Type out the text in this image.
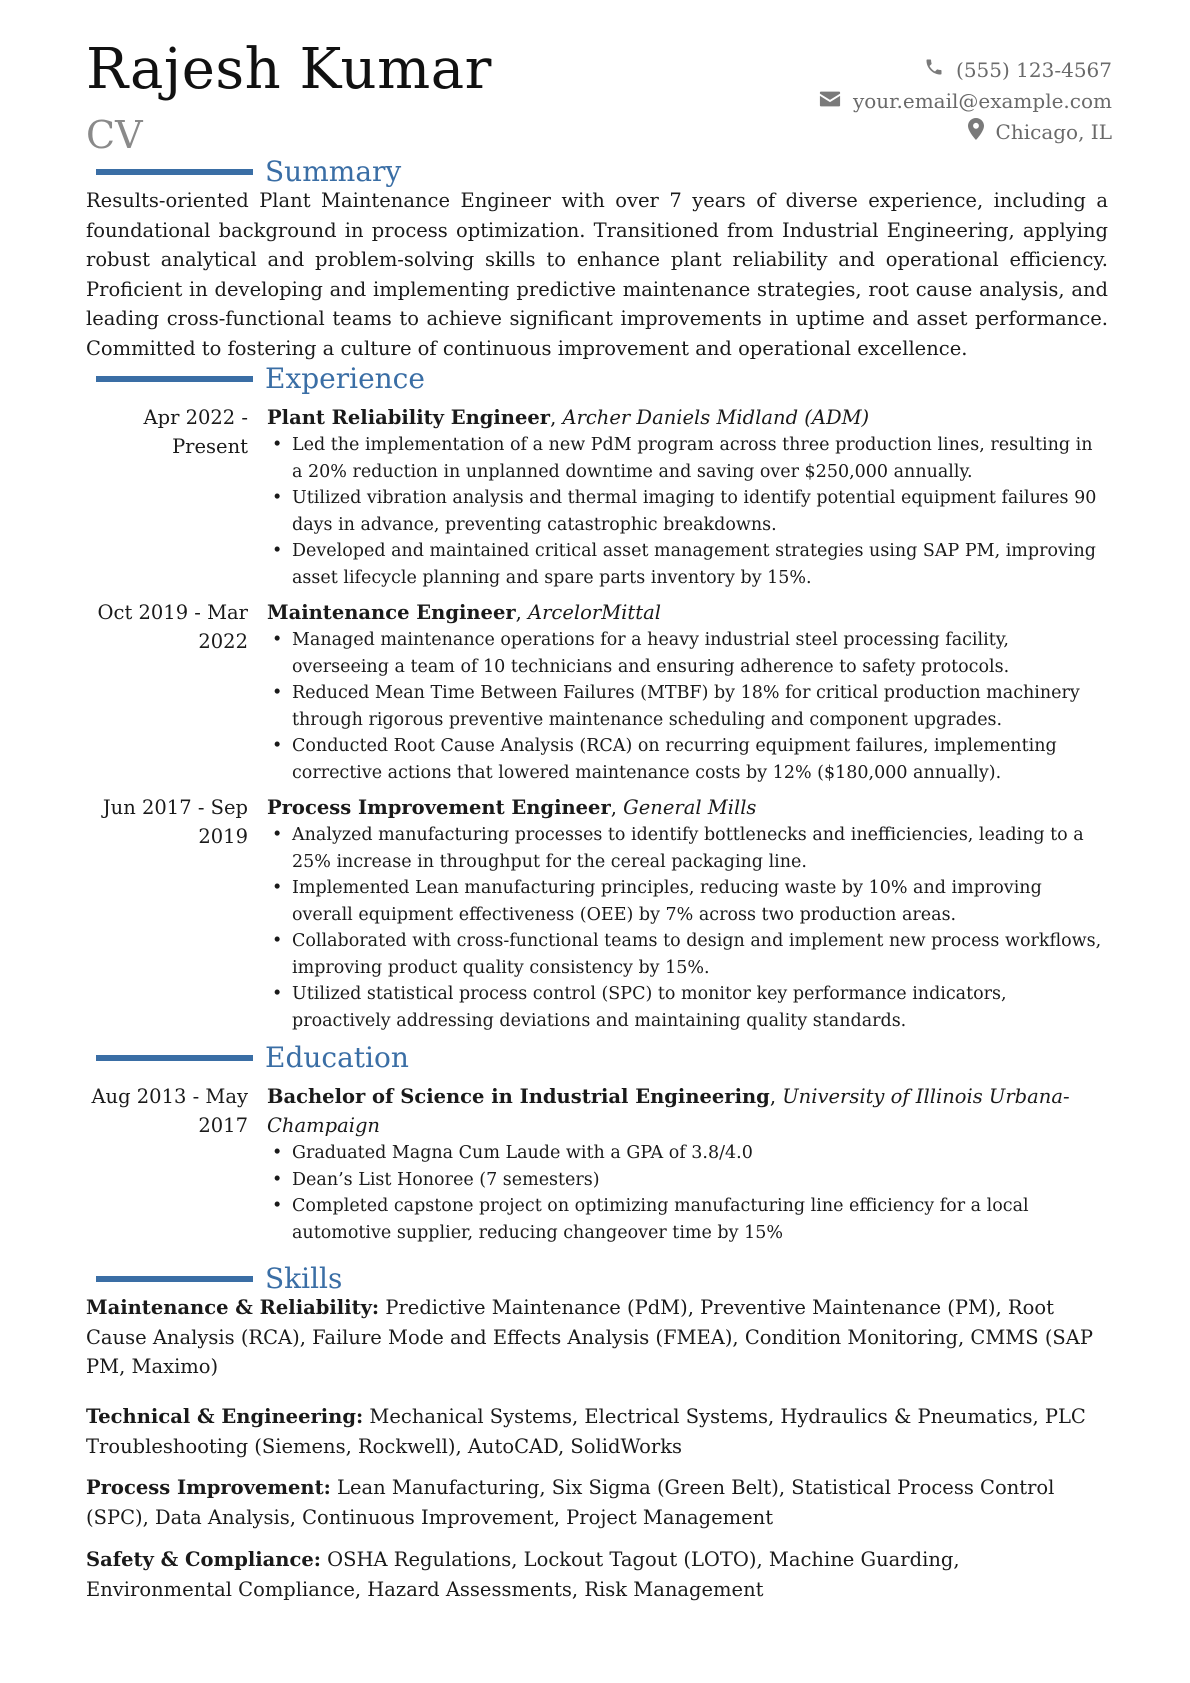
Rajesh Kumar
CV
(555) 123-4567
your.email@example.com
Chicago, IL
Summary
Results-oriented Plant Maintenance Engineer with over 7 years of diverse experience, including a foundational background in process optimization. Transitioned from Industrial Engineering, applying robust analytical and problem-solving skills to enhance plant reliability and operational efficiency. Proficient in developing and implementing predictive maintenance strategies, root cause analysis, and leading cross-functional teams to achieve significant improvements in uptime and asset performance. Committed to fostering a culture of continuous improvement and operational excellence.
Experience
Apr 2022 - Present
Plant Reliability Engineer, Archer Daniels Midland (ADM)
• Led the implementation of a new PdM program across three production lines, resulting in a 20% reduction in unplanned downtime and saving over $250,000 annually.
• Utilized vibration analysis and thermal imaging to identify potential equipment failures 90 days in advance, preventing catastrophic breakdowns.
• Developed and maintained critical asset management strategies using SAP PM, improving asset lifecycle planning and spare parts inventory by 15%.
Oct 2019 - Mar 2022
Maintenance Engineer, ArcelorMittal
• Managed maintenance operations for a heavy industrial steel processing facility, overseeing a team of 10 technicians and ensuring adherence to safety protocols.
• Reduced Mean Time Between Failures (MTBF) by 18% for critical production machinery through rigorous preventive maintenance scheduling and component upgrades.
• Conducted Root Cause Analysis (RCA) on recurring equipment failures, implementing corrective actions that lowered maintenance costs by 12% ($180,000 annually).
Jun 2017 - Sep 2019
Process Improvement Engineer, General Mills
• Analyzed manufacturing processes to identify bottlenecks and inefficiencies, leading to a 25% increase in throughput for the cereal packaging line.
• Implemented Lean manufacturing principles, reducing waste by 10% and improving overall equipment effectiveness (OEE) by 7% across two production areas.
• Collaborated with cross-functional teams to design and implement new process workflows, improving product quality consistency by 15%.
• Utilized statistical process control (SPC) to monitor key performance indicators, proactively addressing deviations and maintaining quality standards.
Education
Aug 2013 - May 2017
Bachelor of Science in Industrial Engineering, University of Illinois Urbana-Champaign
• Graduated Magna Cum Laude with a GPA of 3.8/4.0
• Dean’s List Honoree (7 semesters)
• Completed capstone project on optimizing manufacturing line efficiency for a local automotive supplier, reducing changeover time by 15%
Skills
Maintenance & Reliability: Predictive Maintenance (PdM), Preventive Maintenance (PM), Root Cause Analysis (RCA), Failure Mode and Effects Analysis (FMEA), Condition Monitoring, CMMS (SAP PM, Maximo)
Technical & Engineering: Mechanical Systems, Electrical Systems, Hydraulics & Pneumatics, PLC Troubleshooting (Siemens, Rockwell), AutoCAD, SolidWorks
Process Improvement: Lean Manufacturing, Six Sigma (Green Belt), Statistical Process Control (SPC), Data Analysis, Continuous Improvement, Project Management
Safety & Compliance: OSHA Regulations, Lockout Tagout (LOTO), Machine Guarding, Environmental Compliance, Hazard Assessments, Risk Management
